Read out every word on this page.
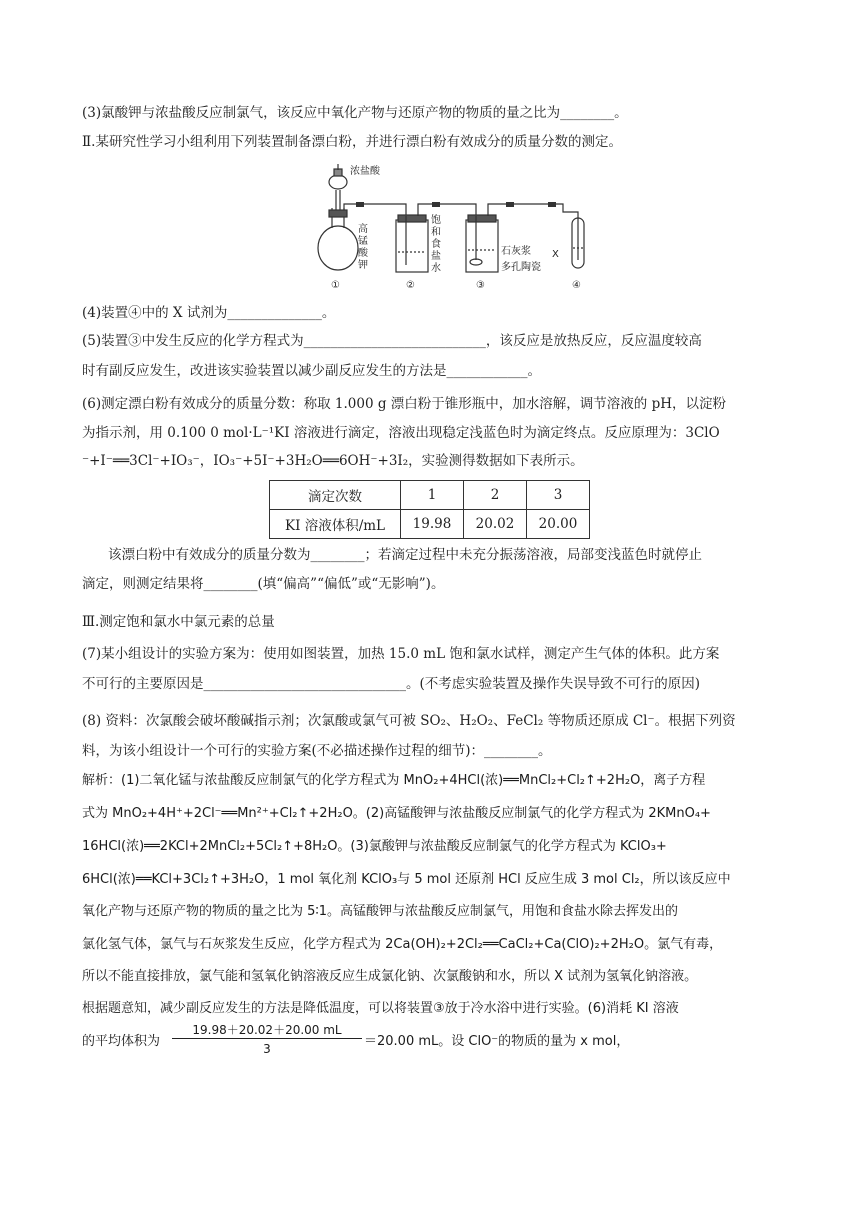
(3)氯酸钾与浓盐酸反应制氯气，该反应中氧化产物与还原产物的物质的量之比为________。
Ⅱ.某研究性学习小组利用下列装置制备漂白粉，并进行漂白粉有效成分的质量分数的测定。
浓盐酸
高
锰
酸
钾
饱
和
食
盐
水
石灰浆
多孔陶瓷
X
①	②	③	④
(4)装置④中的 X 试剂为______________。
(5)装置③中发生反应的化学方程式为___________________________，该反应是放热反应，反应温度较高
时有副反应发生，改进该实验装置以减少副反应发生的方法是____________。
(6)测定漂白粉有效成分的质量分数：称取 1.000 g 漂白粉于锥形瓶中，加水溶解，调节溶液的 pH，以淀粉
为指示剂，用 0.100 0 mol·L⁻¹KI 溶液进行滴定，溶液出现稳定浅蓝色时为滴定终点。反应原理为：3ClO
⁻+I⁻══3Cl⁻+IO₃⁻，IO₃⁻+5I⁻+3H₂O══6OH⁻+3I₂，实验测得数据如下表所示。
滴定次数	1	2	3
KI 溶液体积/mL	19.98	20.02	20.00
该漂白粉中有效成分的质量分数为________；若滴定过程中未充分振荡溶液，局部变浅蓝色时就停止
滴定，则测定结果将________(填“偏高”“偏低”或“无影响”)。
Ⅲ.测定饱和氯水中氯元素的总量
(7)某小组设计的实验方案为：使用如图装置，加热 15.0 mL 饱和氯水试样，测定产生气体的体积。此方案
不可行的主要原因是______________________________。(不考虑实验装置及操作失误导致不可行的原因)
(8) 资料：次氯酸会破坏酸碱指示剂；次氯酸或氯气可被 SO₂、H₂O₂、FeCl₂ 等物质还原成 Cl⁻。根据下列资
料，为该小组设计一个可行的实验方案(不必描述操作过程的细节)：________。
解析：(1)二氧化锰与浓盐酸反应制氯气的化学方程式为 MnO₂+4HCl(浓)══MnCl₂+Cl₂↑+2H₂O，离子方程
式为 MnO₂+4H⁺+2Cl⁻══Mn²⁺+Cl₂↑+2H₂O。(2)高锰酸钾与浓盐酸反应制氯气的化学方程式为 2KMnO₄+
16HCl(浓)══2KCl+2MnCl₂+5Cl₂↑+8H₂O。(3)氯酸钾与浓盐酸反应制氯气的化学方程式为 KClO₃+
6HCl(浓)══KCl+3Cl₂↑+3H₂O，1 mol 氧化剂 KClO₃与 5 mol 还原剂 HCl 反应生成 3 mol Cl₂，所以该反应中
氧化产物与还原产物的物质的量之比为 5∶1。高锰酸钾与浓盐酸反应制氯气，用饱和食盐水除去挥发出的
氯化氢气体，氯气与石灰浆发生反应，化学方程式为 2Ca(OH)₂+2Cl₂══CaCl₂+Ca(ClO)₂+2H₂O。氯气有毒，
所以不能直接排放，氯气能和氢氧化钠溶液反应生成氯化钠、次氯酸钠和水，所以 X 试剂为氢氧化钠溶液。
根据题意知，减少副反应发生的方法是降低温度，可以将装置③放于冷水浴中进行实验。(6)消耗 KI 溶液
的平均体积为
19.98＋20.02＋20.00 mL
3	＝20.00 mL。设 ClO⁻的物质的量为 x mol，
